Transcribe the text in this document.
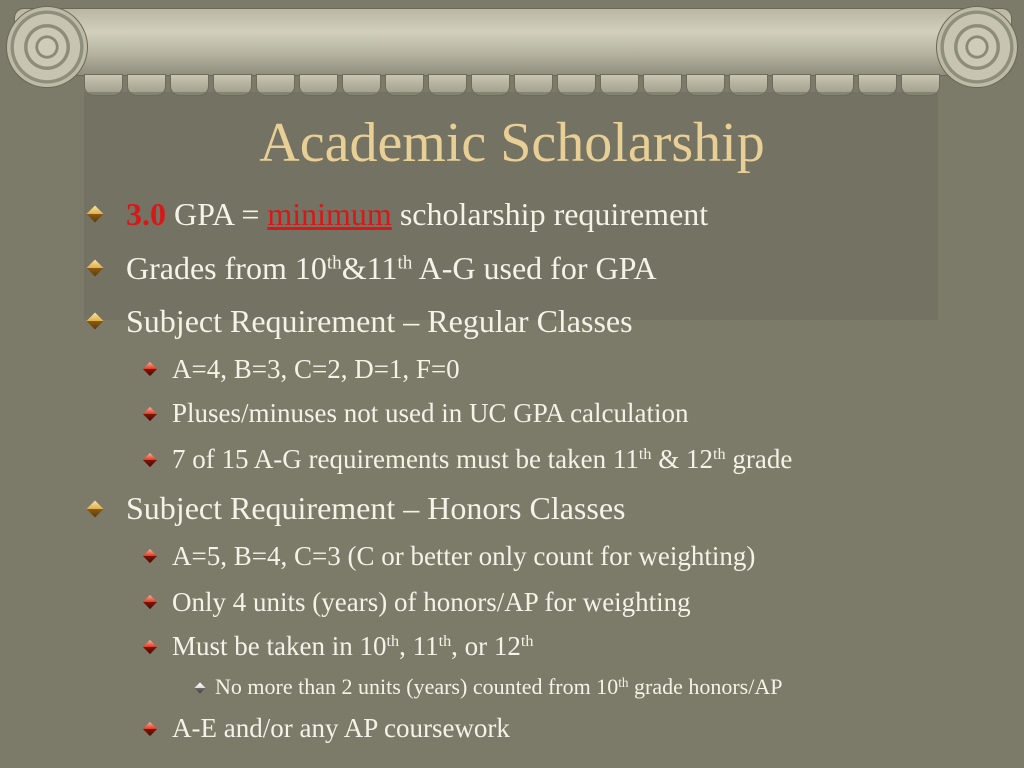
Academic Scholarship
3.0 GPA = minimum scholarship requirement
Grades from 10th&11th A-G used for GPA
Subject Requirement – Regular Classes
A=4, B=3, C=2, D=1, F=0
Pluses/minuses not used in UC GPA calculation
7 of 15 A-G requirements must be taken 11th & 12th grade
Subject Requirement – Honors Classes
A=5, B=4, C=3 (C or better only count for weighting)
Only 4 units (years) of honors/AP for weighting
Must be taken in 10th, 11th, or 12th
No more than 2 units (years) counted from 10th grade honors/AP
A-E and/or any AP coursework
